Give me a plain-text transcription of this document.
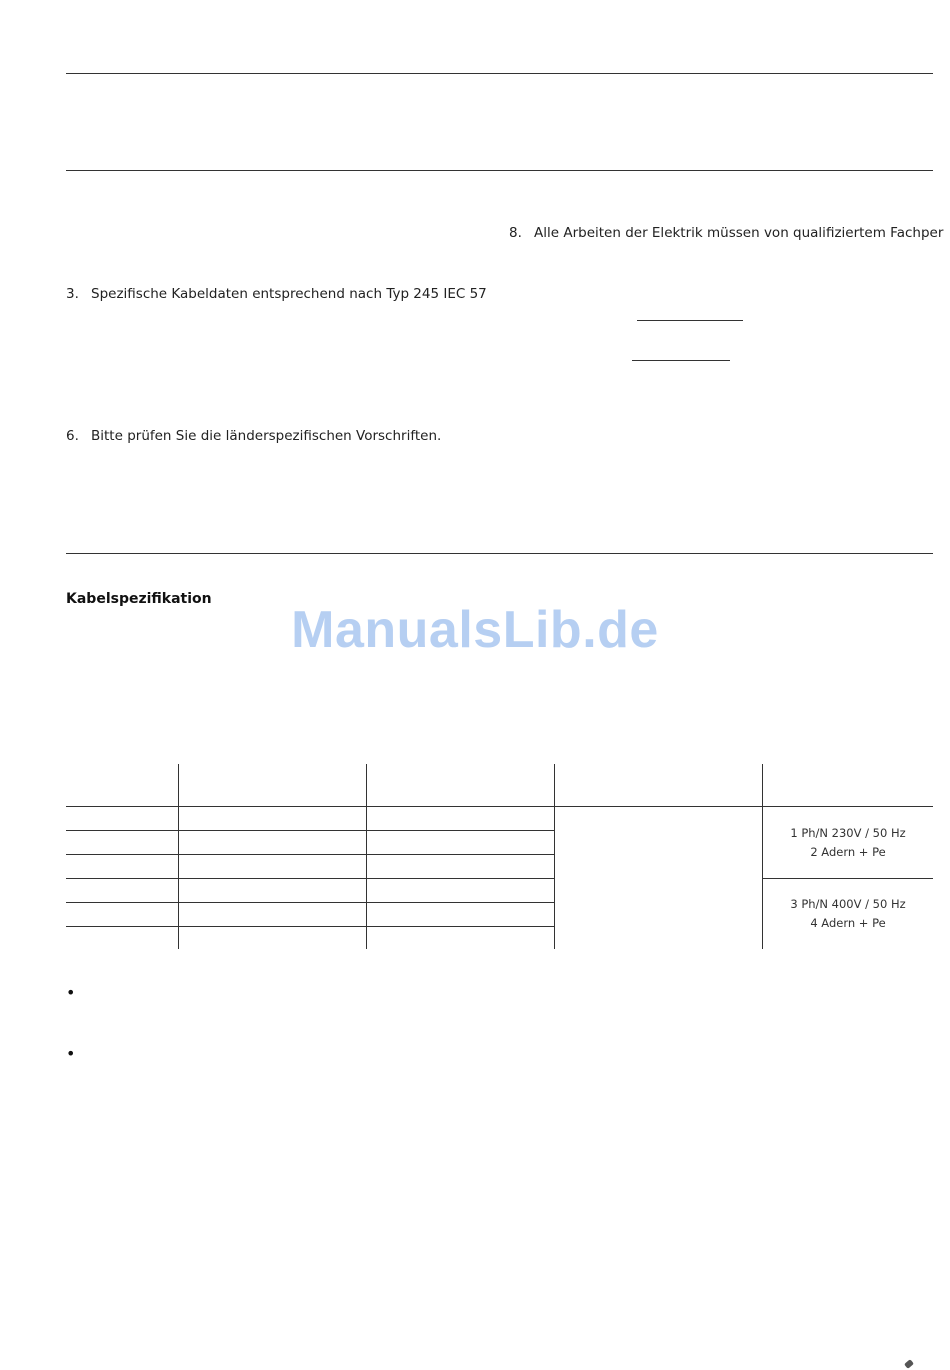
8. Alle Arbeiten der Elektrik müssen von qualifiziertem Fachper
3. Spezifische Kabeldaten entsprechend nach Typ 245 IEC 57
6. Bitte prüfen Sie die länderspezifischen Vorschriften.
Kabelspezifikation
ManualsLib.de
1 Ph/N 230V / 50 Hz
2 Adern + Pe
3 Ph/N 400V / 50 Hz
4 Adern + Pe
•
•
